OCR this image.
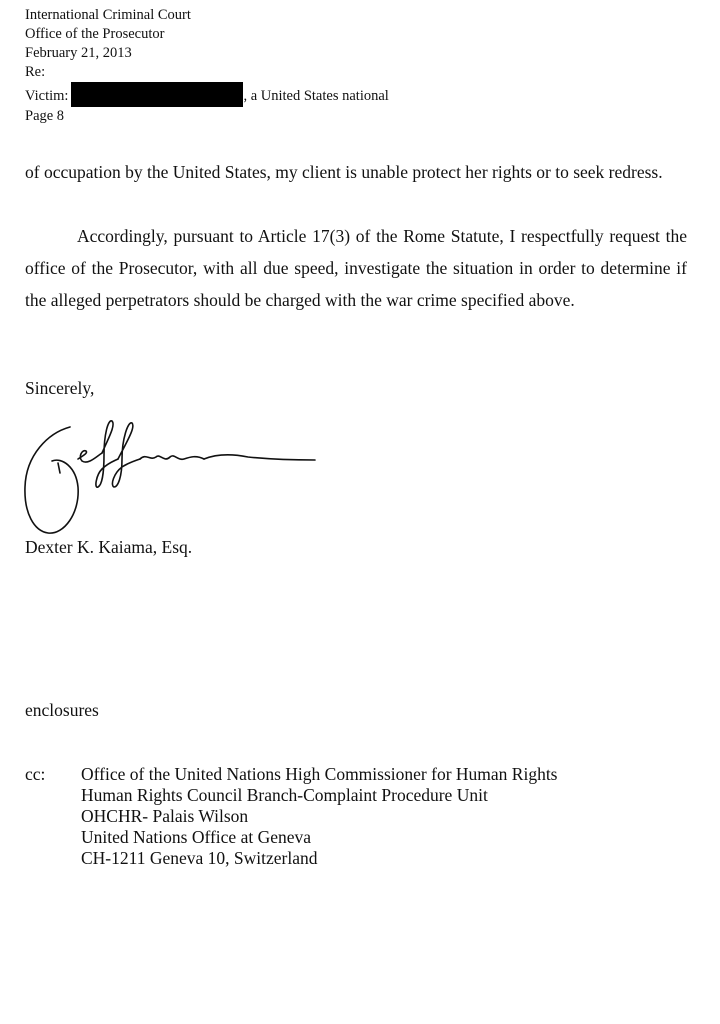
International Criminal Court
Office of the Prosecutor
February 21, 2013
Re:
Victim:	, a United States national
Page 8
of occupation by the United States, my client is unable protect her rights or to seek redress.
Accordingly, pursuant to Article 17(3) of the Rome Statute, I respectfully request the office of the Prosecutor, with all due speed, investigate the situation in order to determine if the alleged perpetrators should be charged with the war crime specified above.
Sincerely,
Dexter K. Kaiama, Esq.
enclosures
cc: Office of the United Nations High Commissioner for Human Rights
Human Rights Council Branch-Complaint Procedure Unit
OHCHR- Palais Wilson
United Nations Office at Geneva
CH-1211 Geneva 10, Switzerland
